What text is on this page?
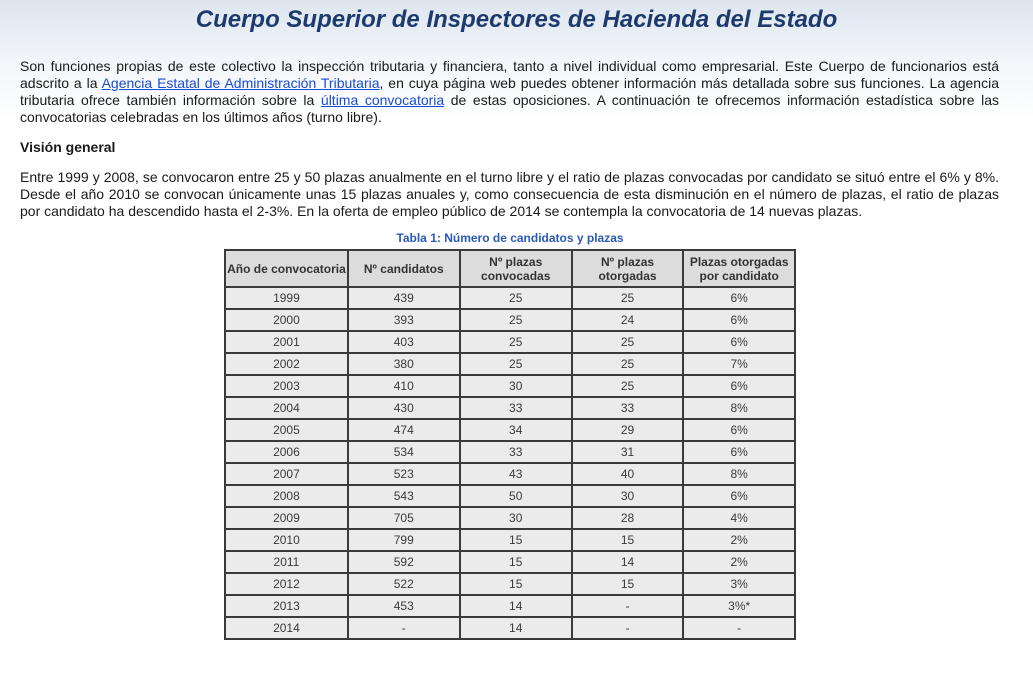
Cuerpo Superior de Inspectores de Hacienda del Estado

Son funciones propias de este colectivo la inspección tributaria y financiera, tanto a nivel individual como empresarial. Este Cuerpo de funcionarios está adscrito a la Agencia Estatal de Administración Tributaria, en cuya página web puedes obtener información más detallada sobre sus funciones. La agencia tributaria ofrece también información sobre la última convocatoria de estas oposiciones. A continuación te ofrecemos información estadística sobre las convocatorias celebradas en los últimos años (turno libre).

Visión general

Entre 1999 y 2008, se convocaron entre 25 y 50 plazas anualmente en el turno libre y el ratio de plazas convocadas por candidato se situó entre el 6% y 8%. Desde el año 2010 se convocan únicamente unas 15 plazas anuales y, como consecuencia de esta disminución en el número de plazas, el ratio de plazas por candidato ha descendido hasta el 2-3%. En la oferta de empleo público de 2014 se contempla la convocatoria de 14 nuevas plazas.

Tabla 1: Número de candidatos y plazas
Año de convocatoria	Nº candidatos	Nº plazas convocadas	Nº plazas otorgadas	Plazas otorgadas por candidato
1999	439	25	25	6%
2000	393	25	24	6%
2001	403	25	25	6%
2002	380	25	25	7%
2003	410	30	25	6%
2004	430	33	33	8%
2005	474	34	29	6%
2006	534	33	31	6%
2007	523	43	40	8%
2008	543	50	30	6%
2009	705	30	28	4%
2010	799	15	15	2%
2011	592	15	14	2%
2012	522	15	15	3%
2013	453	14	-	3%*
2014	-	14	-	-
